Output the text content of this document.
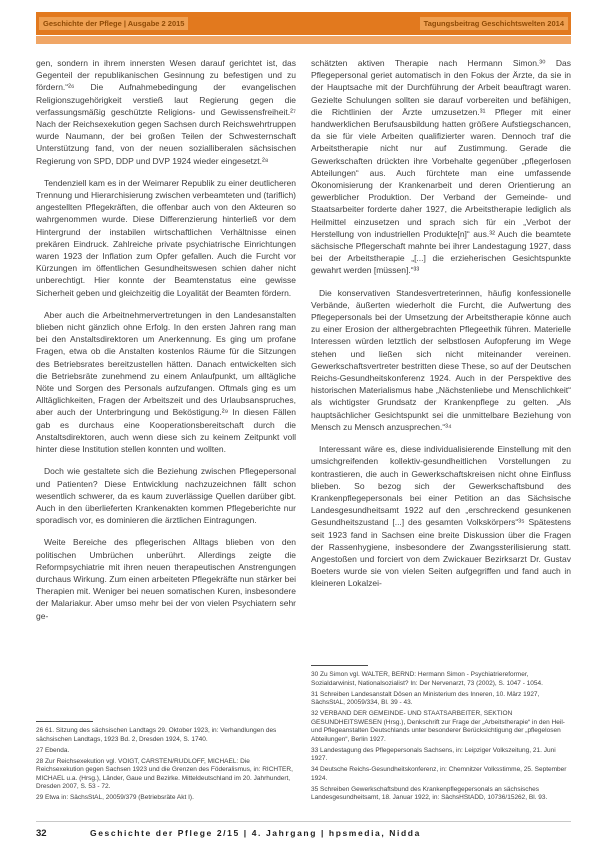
Geschichte der Pflege | Ausgabe 2 2015	Tagungsbeitrag Geschichtswelten 2014

gen, sondern in ihrem innersten Wesen darauf gerichtet ist, das Gegenteil der republikanischen Gesinnung zu befestigen und zu fördern.“²⁶ Die Aufnahmebedingung der evangelischen Religionszugehörigkeit verstieß laut Regierung gegen die verfassungsmäßig geschützte Religions- und Gewissensfreiheit.²⁷ Nach der Reichsexekution gegen Sachsen durch Reichswehrtruppen wurde Naumann, der bei großen Teilen der Schwesternschaft Unterstützung fand, von der neuen sozialliberalen sächsischen Regierung von SPD, DDP und DVP 1924 wieder eingesetzt.²⁸

Tendenziell kam es in der Weimarer Republik zu einer deutlicheren Trennung und Hierarchisierung zwischen verbeamteten und (tariflich) angestellten Pflegekräften, die offenbar auch von den Akteuren so wahrgenommen wurde. Diese Differenzierung hinterließ vor dem Hintergrund der instabilen wirtschaftlichen Verhältnisse einen prekären Eindruck. Zahlreiche private psychiatrische Einrichtungen waren 1923 der Inflation zum Opfer gefallen. Auch die Furcht vor Kürzungen im öffentlichen Gesundheitswesen schien daher nicht unberechtigt. Hier konnte der Beamtenstatus eine gewisse Sicherheit geben und gleichzeitig die Loyalität der Beamten fördern.

Aber auch die Arbeitnehmervertretungen in den Landesanstalten blieben nicht gänzlich ohne Erfolg. In den ersten Jahren rang man bei den Anstaltsdirektoren um Anerkennung. Es ging um profane Fragen, etwa ob die Anstalten kostenlos Räume für die Sitzungen des Betriebsrates bereitzustellen hätten. Danach entwickelten sich die Betriebsräte zunehmend zu einem Anlaufpunkt, um alltägliche Nöte und Sorgen des Personals aufzufangen. Oftmals ging es um Alltäglichkeiten, Fragen der Arbeitszeit und des Urlaubsanspruches, aber auch der Unterbringung und Beköstigung.²⁹ In diesen Fällen gab es durchaus eine Kooperationsbereitschaft durch die Anstaltsdirektoren, auch wenn diese sich zu keinem Zeitpunkt voll hinter diese Institution stellen konnten und wollten.

Doch wie gestaltete sich die Beziehung zwischen Pflegepersonal und Patienten? Diese Entwicklung nachzuzeichnen fällt schon wesentlich schwerer, da es kaum zuverlässige Quellen darüber gibt. Auch in den überlieferten Krankenakten kommen Pflegeberichte nur sporadisch vor, es dominieren die ärztlichen Eintragungen.

Weite Bereiche des pflegerischen Alltags blieben von den politischen Umbrüchen unberührt. Allerdings zeigte die Reformpsychiatrie mit ihren neuen therapeutischen Anstrengungen durchaus Wirkung. Zum einen arbeiteten Pflegekräfte nun stärker bei Therapien mit. Weniger bei neuen somatischen Kuren, insbesondere der Malariakur. Aber umso mehr bei der von vielen Psychiatern sehr ge-

26 61. Sitzung des sächsischen Landtags 29. Oktober 1923, in: Verhandlungen des sächsischen Landtags, 1923 Bd. 2, Dresden 1924, S. 1740.

27 Ebenda.

28 Zur Reichsexekution vgl. VOIGT, CARSTEN/RUDLOFF, MICHAEL: Die Reichsexekution gegen Sachsen 1923 und die Grenzen des Föderalismus, in: RICHTER, MICHAEL u.a. (Hrsg.), Länder, Gaue und Bezirke. Mitteldeutschland im 20. Jahrhundert, Dresden 2007, S. 53 - 72.

29 Etwa in: SächsStAL, 20059/379 (Betriebsräte Akt I).

schätzten aktiven Therapie nach Hermann Simon.³⁰ Das Pflegepersonal geriet automatisch in den Fokus der Ärzte, da sie in der Hauptsache mit der Durchführung der Arbeit beauftragt waren. Gezielte Schulungen sollten sie darauf vorbereiten und befähigen, die Richtlinien der Ärzte umzusetzen.³¹ Pfleger mit einer handwerklichen Berufsausbildung hatten größere Aufstiegschancen, da sie für viele Arbeiten qualifizierter waren. Dennoch traf die Arbeitstherapie nicht nur auf Zustimmung. Gerade die Gewerkschaften drückten ihre Vorbehalte gegenüber „pflegerlosen Abteilungen“ aus. Auch fürchtete man eine umfassende Ökonomisierung der Krankenarbeit und deren Orientierung an gewerblicher Produktion. Der Verband der Gemeinde- und Staatsarbeiter forderte daher 1927, die Arbeitstherapie lediglich als Heilmittel einzusetzen und sprach sich für ein „Verbot der Herstellung von industriellen Produkte[n]“ aus.³² Auch die beamtete sächsische Pflegerschaft mahnte bei ihrer Landestagung 1927, dass bei der Arbeitstherapie „[...] die erzieherischen Gesichtspunkte gewahrt werden [müssen].“³³

Die konservativen Standesvertreterinnen, häufig konfessionelle Verbände, äußerten wiederholt die Furcht, die Aufwertung des Pflegepersonals bei der Umsetzung der Arbeitstherapie könne auch zu einer Erosion der althergebrachten Pflegeethik führen. Materielle Interessen würden letztlich der selbstlosen Aufopferung im Wege stehen und ließen sich nicht miteinander vereinen. Gewerkschaftsvertreter bestritten diese These, so auf der Deutschen Reichs-Gesundheitskonferenz 1924. Auch in der Perspektive des historischen Materialismus habe „Nächstenliebe und Menschlichkeit“ als wichtigster Grundsatz der Krankenpflege zu gelten. „Als hauptsächlicher Gesichtspunkt sei die unmittelbare Beziehung von Mensch zu Mensch anzusprechen.“³⁴

Interessant wäre es, diese individualisierende Einstellung mit den umsichgreifenden kollektiv-gesundheitlichen Vorstellungen zu kontrastieren, die auch in Gewerkschaftskreisen nicht ohne Einfluss blieben. So bezog sich der Gewerkschaftsbund des Krankenpflegepersonals bei einer Petition an das Sächsische Landesgesundheitsamt 1922 auf den „erschreckend gesunkenen Gesundheitszustand [...] des gesamten Volkskörpers“³⁵ Spätestens seit 1923 fand in Sachsen eine breite Diskussion über die Fragen der Rassenhygiene, insbesondere der Zwangssterilisierung statt. Angestoßen und forciert von dem Zwickauer Bezirksarzt Dr. Gustav Boeters wurde sie von vielen Seiten aufgegriffen und fand auch in kleineren Lokalzei-

30 Zu Simon vgl. WALTER, BERND: Hermann Simon - Psychiatriereformer, Sozialdarwinist, Nationalsozialist? In: Der Nervenarzt, 73 (2002), S. 1047 - 1054.

31 Schreiben Landesanstalt Dösen an Ministerium des Inneren, 10. März 1927, SächsStAL, 20059/334, Bl. 39 - 43.

32 VERBAND DER GEMEINDE- UND STAATSARBEITER, SEKTION GESUNDHEITSWESEN (Hrsg.), Denkschrift zur Frage der „Arbeitstherapie“ in den Heil- und Pflegeanstalten Deutschlands unter besonderer Berücksichtigung der „pflegelosen Abteilungen“, Berlin 1927.

33 Landestagung des Pflegepersonals Sachsens, in: Leipziger Volkszeitung, 21. Juni 1927.

34 Deutsche Reichs-Gesundheitskonferenz, in: Chemnitzer Volksstimme, 25. September 1924.

35 Schreiben Gewerkschaftsbund des Krankenpflegepersonals an sächsisches Landesgesundheitsamt, 18. Januar 1922, in: SächsHStADD, 10736/15262, Bl. 93.

32	Geschichte der Pflege 2/15 | 4. Jahrgang | hpsmedia, Nidda
